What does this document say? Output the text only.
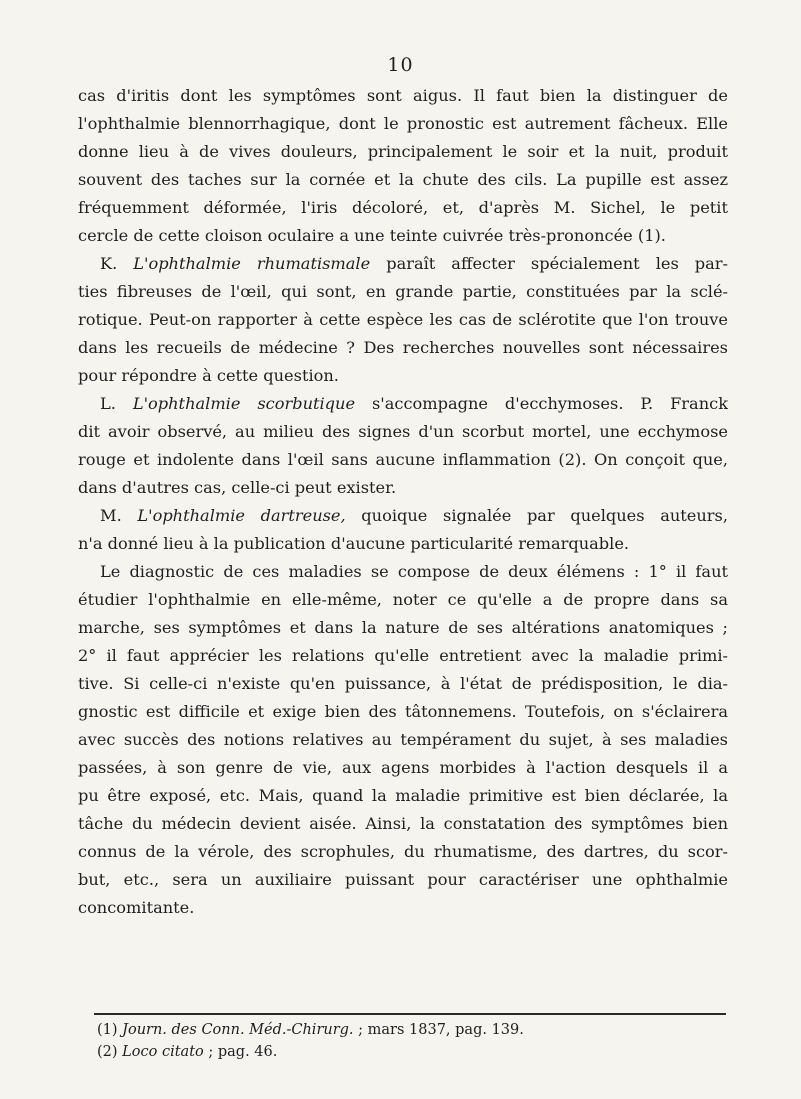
10
cas d'iritis dont les symptômes sont aigus. Il faut bien la distinguer de
l'ophthalmie blennorrhagique, dont le pronostic est autrement fâcheux. Elle
donne lieu à de vives douleurs, principalement le soir et la nuit, produit
souvent des taches sur la cornée et la chute des cils. La pupille est assez
fréquemment déformée, l'iris décoloré, et, d'après M. Sichel, le petit
cercle de cette cloison oculaire a une teinte cuivrée très-prononcée (1).
K. L'ophthalmie rhumatismale paraît affecter spécialement les par-
ties fibreuses de l'œil, qui sont, en grande partie, constituées par la sclé-
rotique. Peut-on rapporter à cette espèce les cas de sclérotite que l'on trouve
dans les recueils de médecine ? Des recherches nouvelles sont nécessaires
pour répondre à cette question.
L. L'ophthalmie scorbutique s'accompagne d'ecchymoses. P. Franck
dit avoir observé, au milieu des signes d'un scorbut mortel, une ecchymose
rouge et indolente dans l'œil sans aucune inflammation (2). On conçoit que,
dans d'autres cas, celle-ci peut exister.
M. L'ophthalmie dartreuse, quoique signalée par quelques auteurs,
n'a donné lieu à la publication d'aucune particularité remarquable.
Le diagnostic de ces maladies se compose de deux élémens : 1° il faut
étudier l'ophthalmie en elle-même, noter ce qu'elle a de propre dans sa
marche, ses symptômes et dans la nature de ses altérations anatomiques ;
2° il faut apprécier les relations qu'elle entretient avec la maladie primi-
tive. Si celle-ci n'existe qu'en puissance, à l'état de prédisposition, le dia-
gnostic est difficile et exige bien des tâtonnemens. Toutefois, on s'éclairera
avec succès des notions relatives au tempérament du sujet, à ses maladies
passées, à son genre de vie, aux agens morbides à l'action desquels il a
pu être exposé, etc. Mais, quand la maladie primitive est bien déclarée, la
tâche du médecin devient aisée. Ainsi, la constatation des symptômes bien
connus de la vérole, des scrophules, du rhumatisme, des dartres, du scor-
but, etc., sera un auxiliaire puissant pour caractériser une ophthalmie
concomitante.
(1) Journ. des Conn. Méd.-Chirurg. ; mars 1837, pag. 139.
(2) Loco citato ; pag. 46.
